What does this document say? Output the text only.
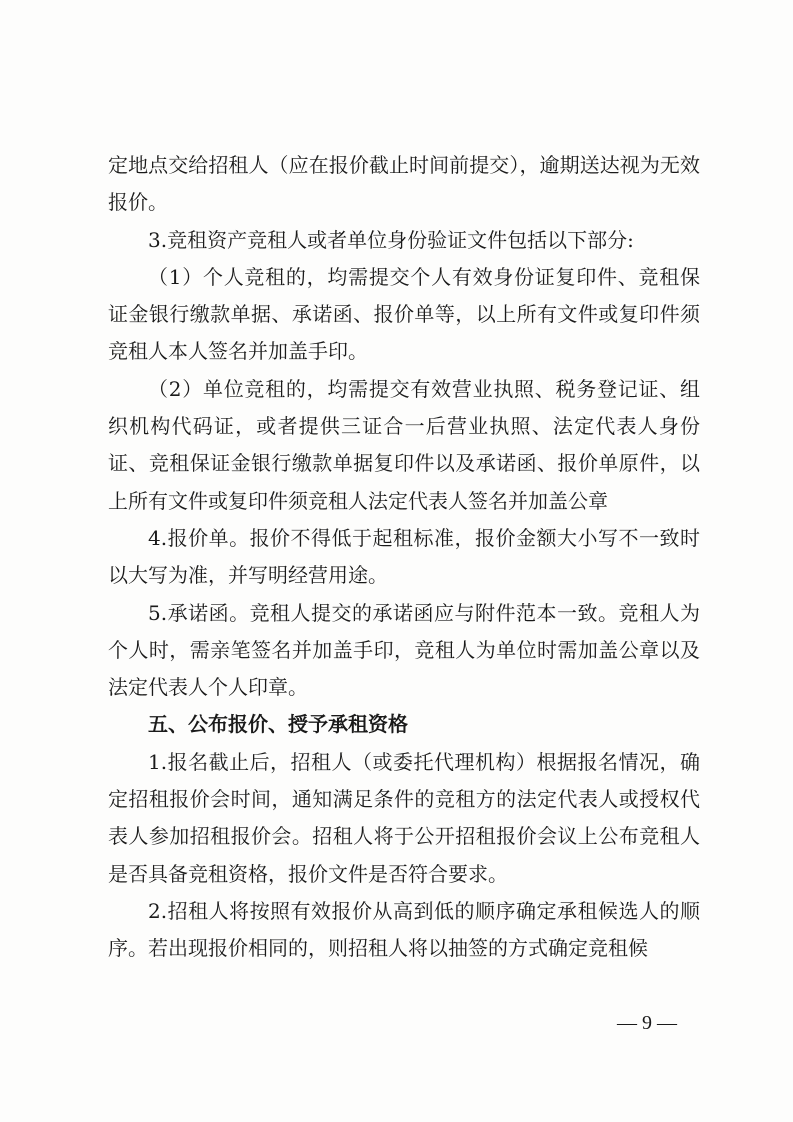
定地点交给招租人（应在报价截止时间前提交），逾期送达视为无效报价。

3.竞租资产竞租人或者单位身份验证文件包括以下部分:

（1）个人竞租的，均需提交个人有效身份证复印件、竞租保证金银行缴款单据、承诺函、报价单等，以上所有文件或复印件须竞租人本人签名并加盖手印。

（2）单位竞租的，均需提交有效营业执照、税务登记证、组织机构代码证，或者提供三证合一后营业执照、法定代表人身份证、竞租保证金银行缴款单据复印件以及承诺函、报价单原件，以上所有文件或复印件须竞租人法定代表人签名并加盖公章

4.报价单。报价不得低于起租标准，报价金额大小写不一致时以大写为准，并写明经营用途。

5.承诺函。竞租人提交的承诺函应与附件范本一致。竞租人为个人时，需亲笔签名并加盖手印，竞租人为单位时需加盖公章以及法定代表人个人印章。

五、公布报价、授予承租资格

1.报名截止后，招租人（或委托代理机构）根据报名情况，确定招租报价会时间，通知满足条件的竞租方的法定代表人或授权代表人参加招租报价会。招租人将于公开招租报价会议上公布竞租人是否具备竞租资格，报价文件是否符合要求。

2.招租人将按照有效报价从高到低的顺序确定承租候选人的顺序。若出现报价相同的，则招租人将以抽签的方式确定竞租候

— 9 —
